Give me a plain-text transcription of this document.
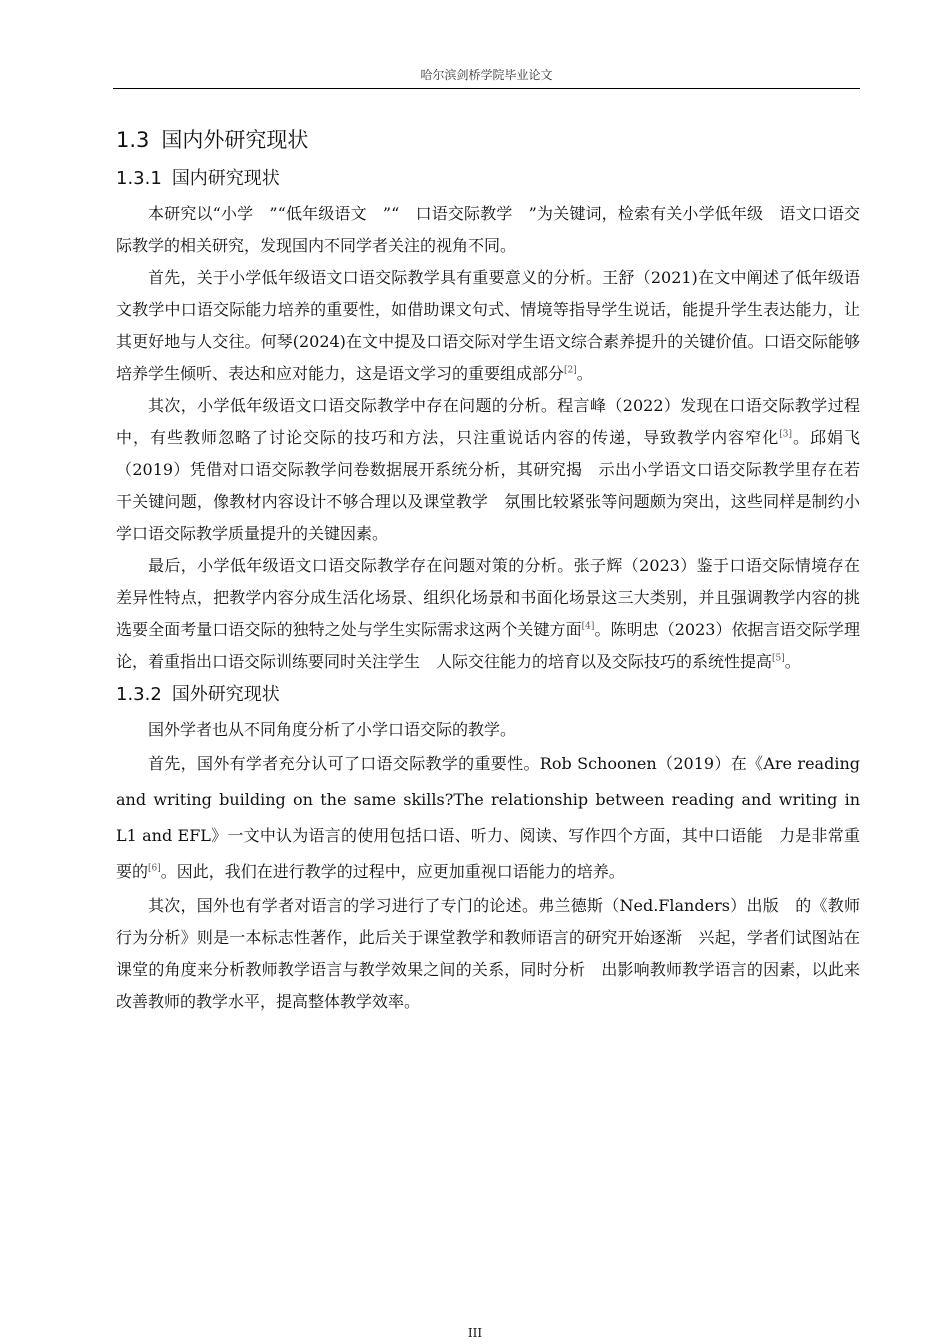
哈尔滨剑桥学院毕业论文
1.3 国内外研究现状
1.3.1 国内研究现状

本研究以“小学　”“低年级语文　”“　口语交际教学　”为关键词，检索有关小学低年级　语文口语交际教学的相关研究，发现国内不同学者关注的视角不同。

首先，关于小学低年级语文口语交际教学具有重要意义的分析。王舒（2021)在文中阐述了低年级语文教学中口语交际能力培养的重要性，如借助课文句式、情境等指导学生说话，能提升学生表达能力，让其更好地与人交往。何琴(2024)在文中提及口语交际对学生语文综合素养提升的关键价值。口语交际能够培养学生倾听、表达和应对能力，这是语文学习的重要组成部分[2]。

其次，小学低年级语文口语交际教学中存在问题的分析。程言峰（2022）发现在口语交际教学过程中，有些教师忽略了讨论交际的技巧和方法，只注重说话内容的传递，导致教学内容窄化[3]。邱娟飞（2019）凭借对口语交际教学问卷数据展开系统分析，其研究揭　示出小学语文口语交际教学里存在若干关键问题，像教材内容设计不够合理以及课堂教学　氛围比较紧张等问题颇为突出，这些同样是制约小学口语交际教学质量提升的关键因素。

最后，小学低年级语文口语交际教学存在问题对策的分析。张子辉（2023）鉴于口语交际情境存在差异性特点，把教学内容分成生活化场景、组织化场景和书面化场景这三大类别，并且强调教学内容的挑选要全面考量口语交际的独特之处与学生实际需求这两个关键方面[4]。陈明忠（2023）依据言语交际学理论，着重指出口语交际训练要同时关注学生　人际交往能力的培育以及交际技巧的系统性提高[5]。

1.3.2 国外研究现状

国外学者也从不同角度分析了小学口语交际的教学。

首先，国外有学者充分认可了口语交际教学的重要性。Rob Schoonen（2019）在《Are reading and writing building on the same skills?The relationship between reading and writing in　L1 and EFL》一文中认为语言的使用包括口语、听力、阅读、写作四个方面，其中口语能　力是非常重要的[6]。因此，我们在进行教学的过程中，应更加重视口语能力的培养。

其次，国外也有学者对语言的学习进行了专门的论述。弗兰德斯（Ned.Flanders）出版　的《教师行为分析》则是一本标志性著作，此后关于课堂教学和教师语言的研究开始逐渐　兴起，学者们试图站在课堂的角度来分析教师教学语言与教学效果之间的关系，同时分析　出影响教师教学语言的因素，以此来改善教师的教学水平，提高整体教学效率。

III
